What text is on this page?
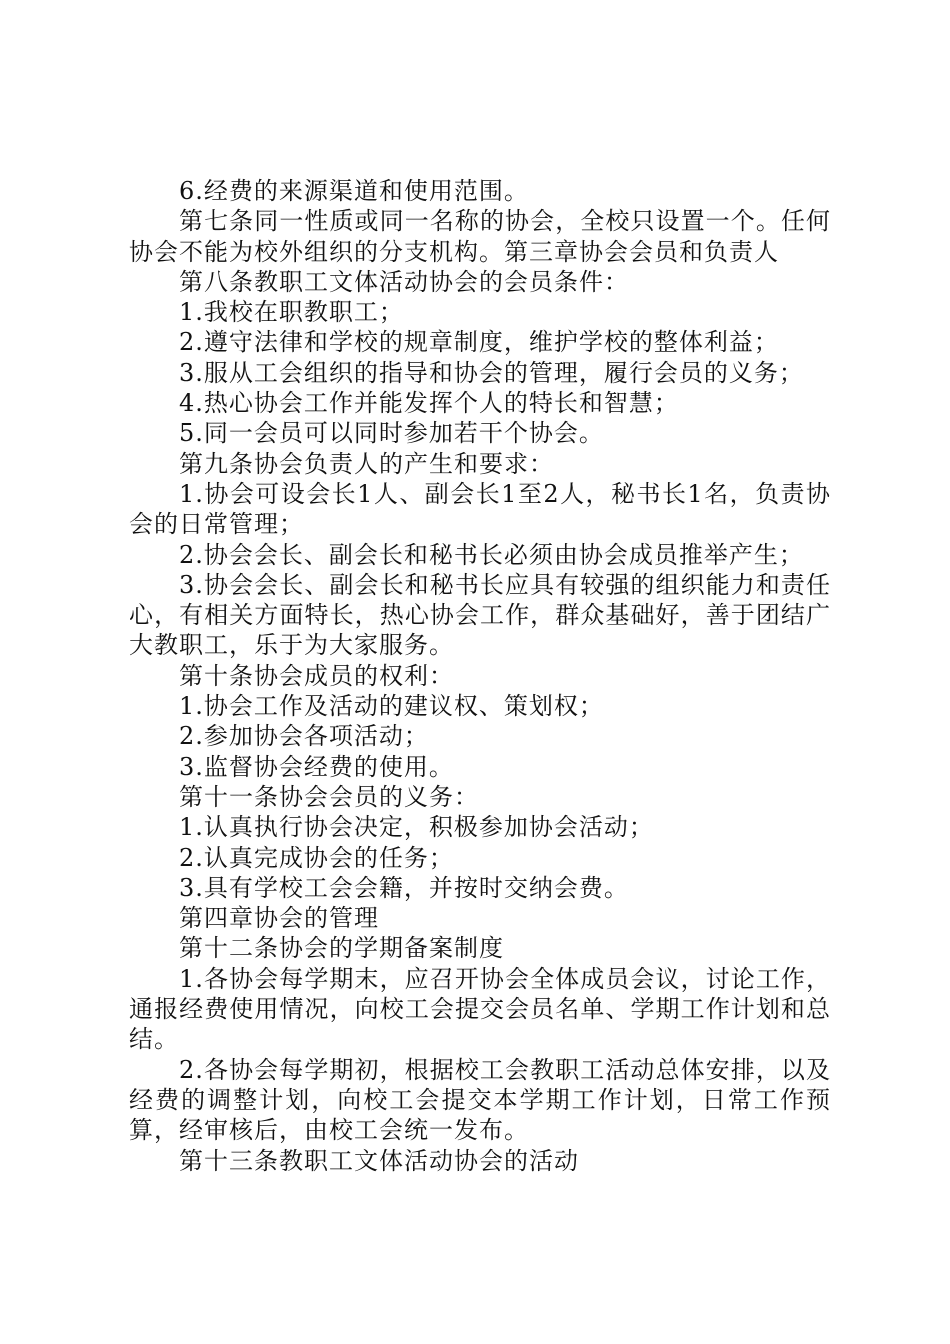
6.经费的来源渠道和使用范围。

第七条同一性质或同一名称的协会，全校只设置一个。任何协会不能为校外组织的分支机构。第三章协会会员和负责人

第八条教职工文体活动协会的会员条件：

1.我校在职教职工；

2.遵守法律和学校的规章制度，维护学校的整体利益；

3.服从工会组织的指导和协会的管理，履行会员的义务；

4.热心协会工作并能发挥个人的特长和智慧；

5.同一会员可以同时参加若干个协会。

第九条协会负责人的产生和要求：

1.协会可设会长1人、副会长1至2人，秘书长1名，负责协会的日常管理；

2.协会会长、副会长和秘书长必须由协会成员推举产生；

3.协会会长、副会长和秘书长应具有较强的组织能力和责任心，有相关方面特长，热心协会工作，群众基础好，善于团结广大教职工，乐于为大家服务。

第十条协会成员的权利：

1.协会工作及活动的建议权、策划权；

2.参加协会各项活动；

3.监督协会经费的使用。

第十一条协会会员的义务：

1.认真执行协会决定，积极参加协会活动；

2.认真完成协会的任务；

3.具有学校工会会籍，并按时交纳会费。

第四章协会的管理

第十二条协会的学期备案制度

1.各协会每学期末，应召开协会全体成员会议，讨论工作，通报经费使用情况，向校工会提交会员名单、学期工作计划和总结。

2.各协会每学期初，根据校工会教职工活动总体安排，以及经费的调整计划，向校工会提交本学期工作计划，日常工作预算，经审核后，由校工会统一发布。

第十三条教职工文体活动协会的活动
